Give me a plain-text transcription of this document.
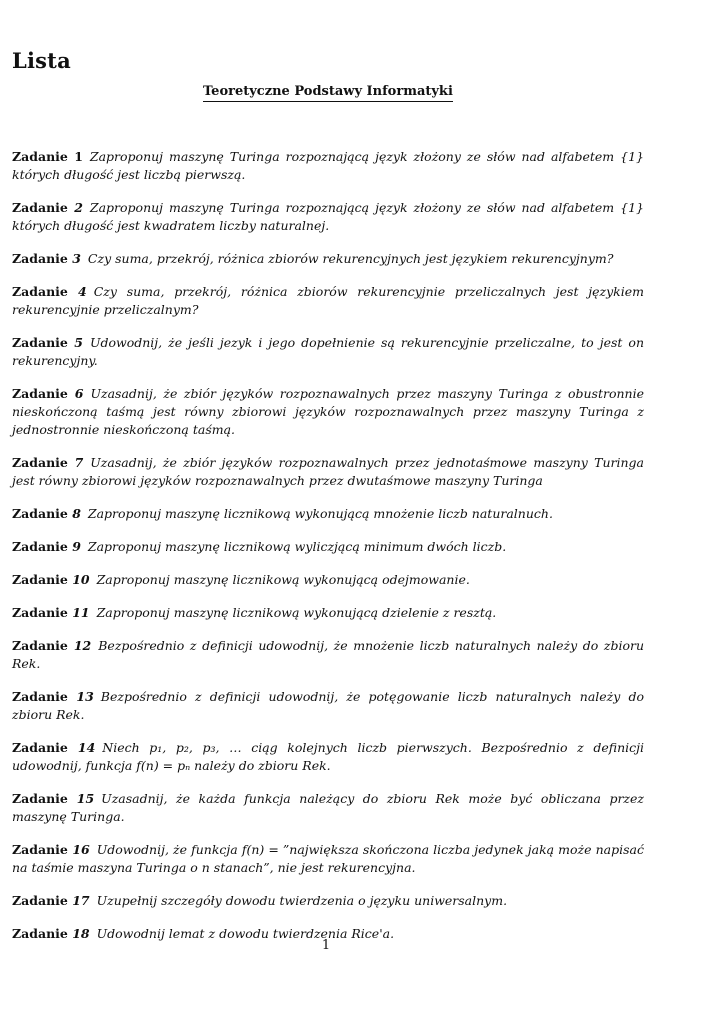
Lista
Teoretyczne Podstawy Informatyki

Zadanie 1 Zaproponuj maszynę Turinga rozpoznającą język złożony ze słów nad alfabetem {1} których długość jest liczbą pierwszą.

Zadanie 2 Zaproponuj maszynę Turinga rozpoznającą język złożony ze słów nad alfabetem {1} których długość jest kwadratem liczby naturalnej.

Zadanie 3 Czy suma, przekrój, różnica zbiorów rekurencyjnych jest językiem rekurencyjnym?

Zadanie 4 Czy suma, przekrój, różnica zbiorów rekurencyjnie przeliczalnych jest językiem rekurencyjnie przeliczalnym?

Zadanie 5 Udowodnij, że jeśli jezyk i jego dopełnienie są rekurencyjnie przeliczalne, to jest on rekurencyjny.

Zadanie 6 Uzasadnij, że zbiór języków rozpoznawalnych przez maszyny Turinga z obustronnie nieskończoną taśmą jest równy zbiorowi języków rozpoznawalnych przez maszyny Turinga z jednostronnie nieskończoną taśmą.

Zadanie 7 Uzasadnij, że zbiór języków rozpoznawalnych przez jednotaśmowe maszyny Turinga jest równy zbiorowi języków rozpoznawalnych przez dwutaśmowe maszyny Turinga

Zadanie 8 Zaproponuj maszynę licznikową wykonującą mnożenie liczb naturalnuch.

Zadanie 9 Zaproponuj maszynę licznikową wyliczjącą minimum dwóch liczb.

Zadanie 10 Zaproponuj maszynę licznikową wykonującą odejmowanie.

Zadanie 11 Zaproponuj maszynę licznikową wykonującą dzielenie z resztą.

Zadanie 12 Bezpośrednio z definicji udowodnij, że mnożenie liczb naturalnych należy do zbioru Rek.

Zadanie 13 Bezpośrednio z definicji udowodnij, że potęgowanie liczb naturalnych należy do zbioru Rek.

Zadanie 14 Niech p₁, p₂, p₃, … ciąg kolejnych liczb pierwszych. Bezpośrednio z definicji udowodnij, funkcja f(n) = pₙ należy do zbioru Rek.

Zadanie 15 Uzasadnij, że każda funkcja należący do zbioru Rek może być obliczana przez maszynę Turinga.

Zadanie 16 Udowodnij, że funkcja f(n) = ”największa skończona liczba jedynek jaką może napisać na taśmie maszyna Turinga o n stanach”, nie jest rekurencyjna.

Zadanie 17 Uzupełnij szczegóły dowodu twierdzenia o języku uniwersalnym.

Zadanie 18 Udowodnij lemat z dowodu twierdzenia Rice'a.

1
